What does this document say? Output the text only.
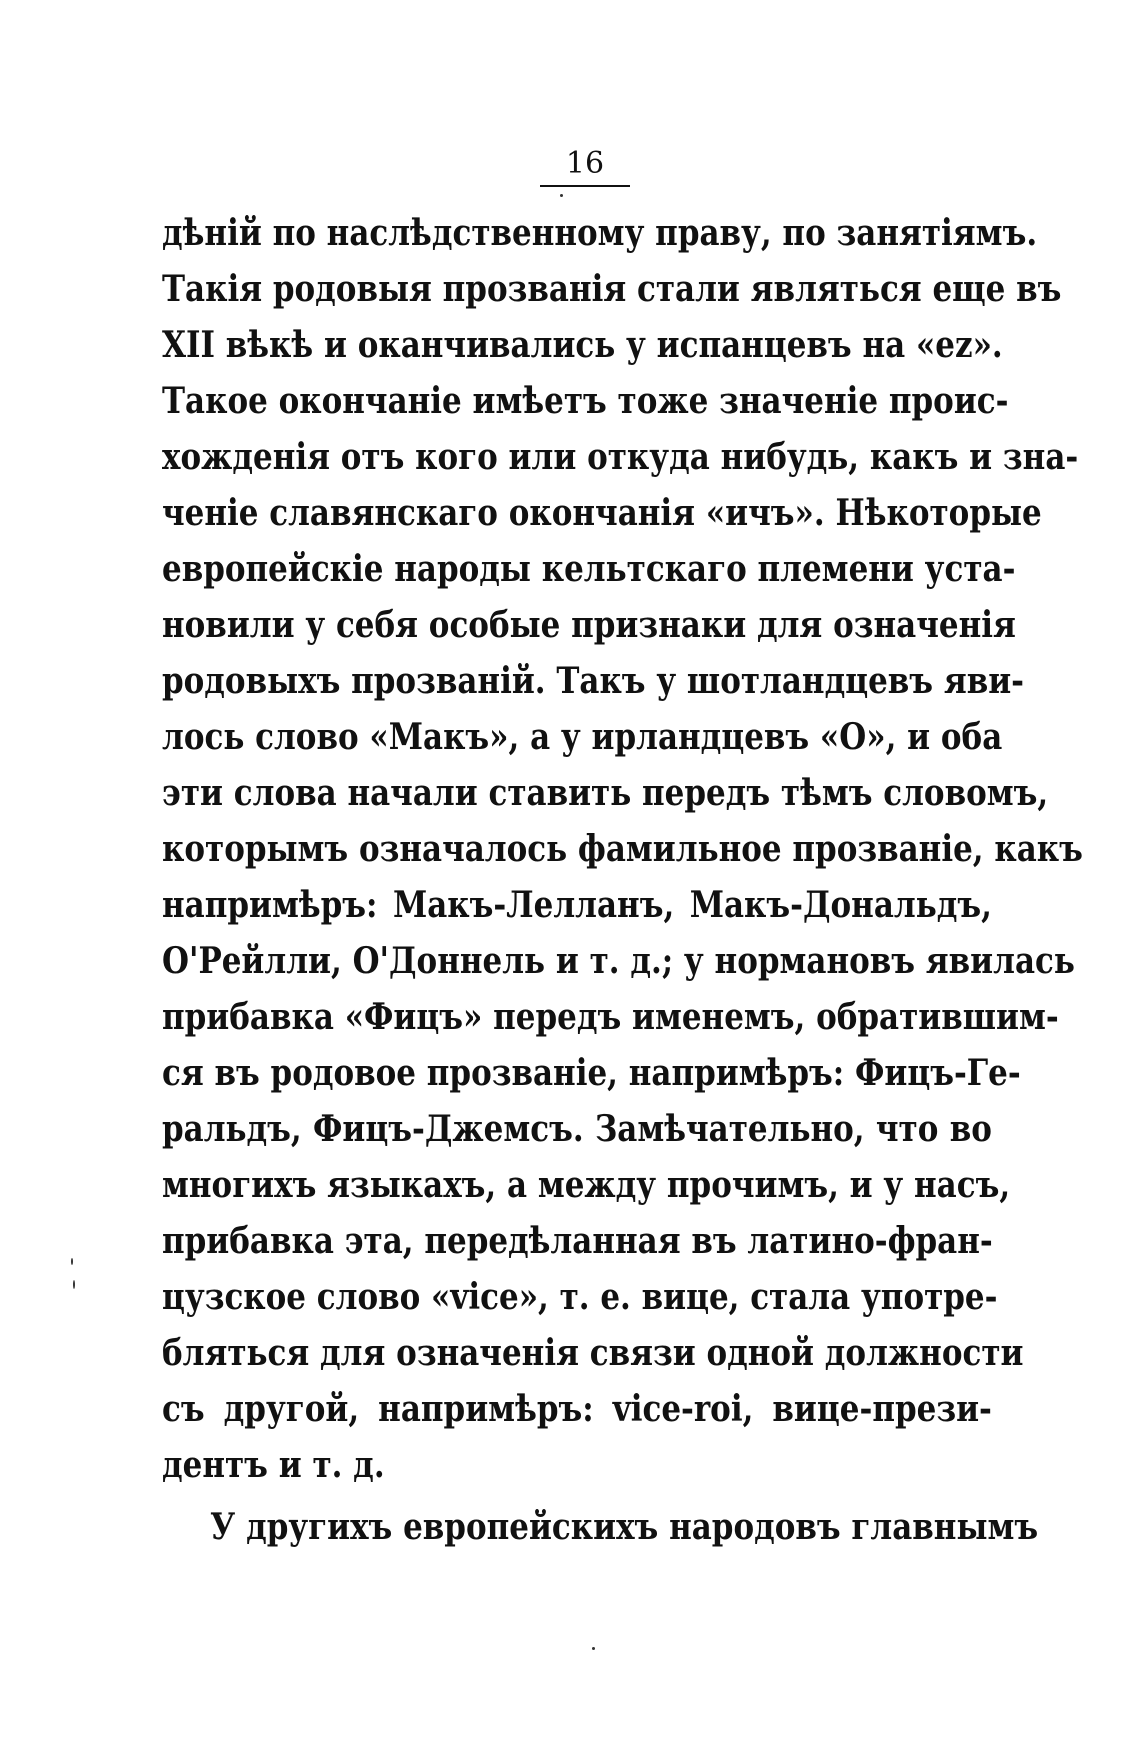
16
дѣній по наслѣдственному праву, по занятіямъ.
Такія родовыя прозванія стали являться еще въ
XII вѣкѣ и оканчивались у испанцевъ на «ez».
Такое окончаніе имѣетъ тоже значеніе проис-
хожденія отъ кого или откуда нибудь, какъ и зна-
ченіе славянскаго окончанія «ичъ». Нѣкоторые
европейскіе народы кельтскаго племени уста-
новили у себя особые признаки для означенія
родовыхъ прозваній. Такъ у шотландцевъ яви-
лось слово «Макъ», а у ирландцевъ «О», и оба
эти слова начали ставить передъ тѣмъ словомъ,
которымъ означалось фамильное прозваніе, какъ
напримѣръ: Макъ-Лелланъ, Макъ-Дональдъ,
О'Рейлли, О'Доннель и т. д.; у нормановъ явилась
прибавка «Фицъ» передъ именемъ, обратившим-
ся въ родовое прозваніе, напримѣръ: Фицъ-Ге-
ральдъ, Фицъ-Джемсъ. Замѣчательно, что во
многихъ языкахъ, а между прочимъ, и у насъ,
прибавка эта, передѣланная въ латино-фран-
цузское слово «vice», т. е. вице, стала употре-
бляться для означенія связи одной должности
съ другой, напримѣръ: vice-roi, вице-прези-
дентъ и т. д.
У другихъ европейскихъ народовъ главнымъ
